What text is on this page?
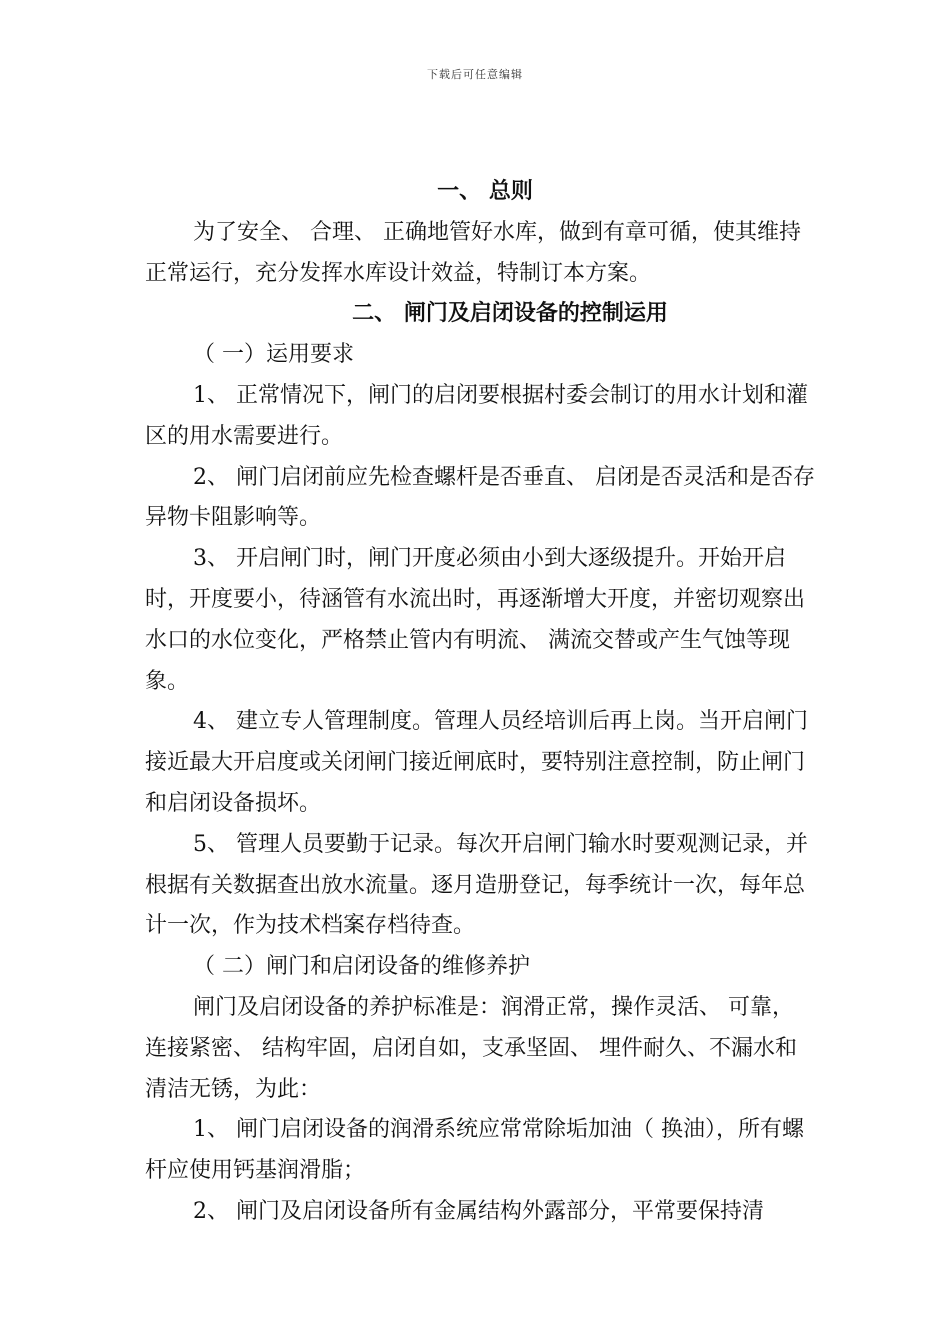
下载后可任意编辑

一、 总则

为了安全、 合理、 正确地管好水库，做到有章可循，使其维持正常运行，充分发挥水库设计效益，特制订本方案。

二、 闸门及启闭设备的控制运用

（ 一）运用要求

1、 正常情况下，闸门的启闭要根据村委会制订的用水计划和灌区的用水需要进行。

2、 闸门启闭前应先检查螺杆是否垂直、 启闭是否灵活和是否存异物卡阻影响等。

3、 开启闸门时，闸门开度必须由小到大逐级提升。开始开启时，开度要小，待涵管有水流出时，再逐渐增大开度，并密切观察出水口的水位变化，严格禁止管内有明流、 满流交替或产生气蚀等现象。

4、 建立专人管理制度。管理人员经培训后再上岗。当开启闸门接近最大开启度或关闭闸门接近闸底时，要特别注意控制，防止闸门和启闭设备损坏。

5、 管理人员要勤于记录。每次开启闸门输水时要观测记录，并根据有关数据查出放水流量。逐月造册登记，每季统计一次，每年总计一次，作为技术档案存档待查。

（ 二）闸门和启闭设备的维修养护

闸门及启闭设备的养护标准是：润滑正常，操作灵活、 可靠，连接紧密、 结构牢固，启闭自如，支承坚固、 埋件耐久、不漏水和清洁无锈，为此：

1、 闸门启闭设备的润滑系统应常常除垢加油（ 换油），所有螺杆应使用钙基润滑脂；

2、 闸门及启闭设备所有金属结构外露部分，平常要保持清
